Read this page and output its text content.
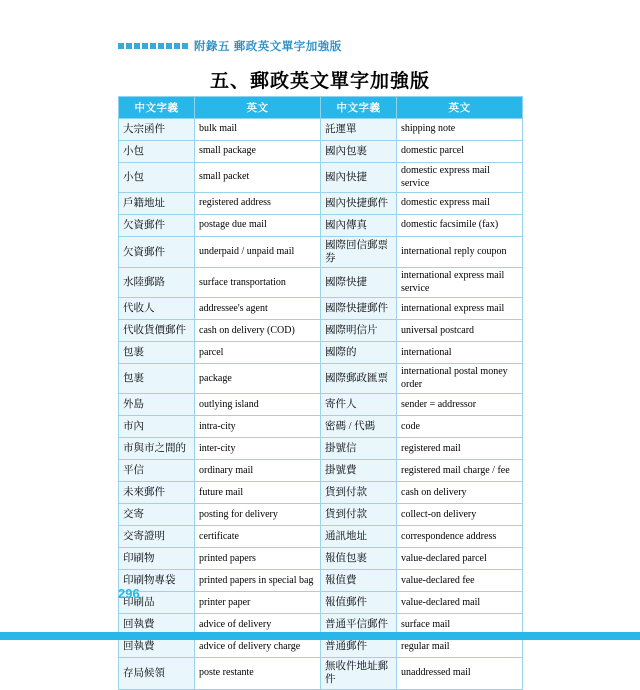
附錄五 郵政英文單字加強版
五、郵政英文單字加強版
中文字義	英文	中文字義	英文
大宗函件	bulk mail	託運單	shipping note
小包	small package	國內包裹	domestic parcel
小包	small packet	國內快捷	domestic express mail service
戶籍地址	registered address	國內快捷郵件	domestic express mail
欠資郵件	postage due mail	國內傳真	domestic facsimile (fax)
欠資郵件	underpaid / unpaid mail	國際回信郵票券	international reply coupon
水陸郵路	surface transportation	國際快捷	international express mail service
代收人	addressee's agent	國際快捷郵件	international express mail
代收貨價郵件	cash on delivery (COD)	國際明信片	universal postcard
包裹	parcel	國際的	international
包裹	package	國際郵政匯票	international postal money order
外島	outlying island	寄件人	sender = addressor
市內	intra-city	密碼 / 代碼	code
市與市之間的	inter-city	掛號信	registered mail
平信	ordinary mail	掛號費	registered mail charge / fee
未來郵件	future mail	貨到付款	cash on delivery
交寄	posting for delivery	貨到付款	collect-on delivery
交寄證明	certificate	通訊地址	correspondence address
印刷物	printed papers	報值包裹	value-declared parcel
印刷物專袋	printed papers in special bag	報值費	value-declared fee
印刷品	printer paper	報值郵件	value-declared mail
回執費	advice of delivery	普通平信郵件	surface mail
回執費	advice of delivery charge	普通郵件	regular mail
存局候領	poste restante	無收件地址郵件	unaddressed mail
296
